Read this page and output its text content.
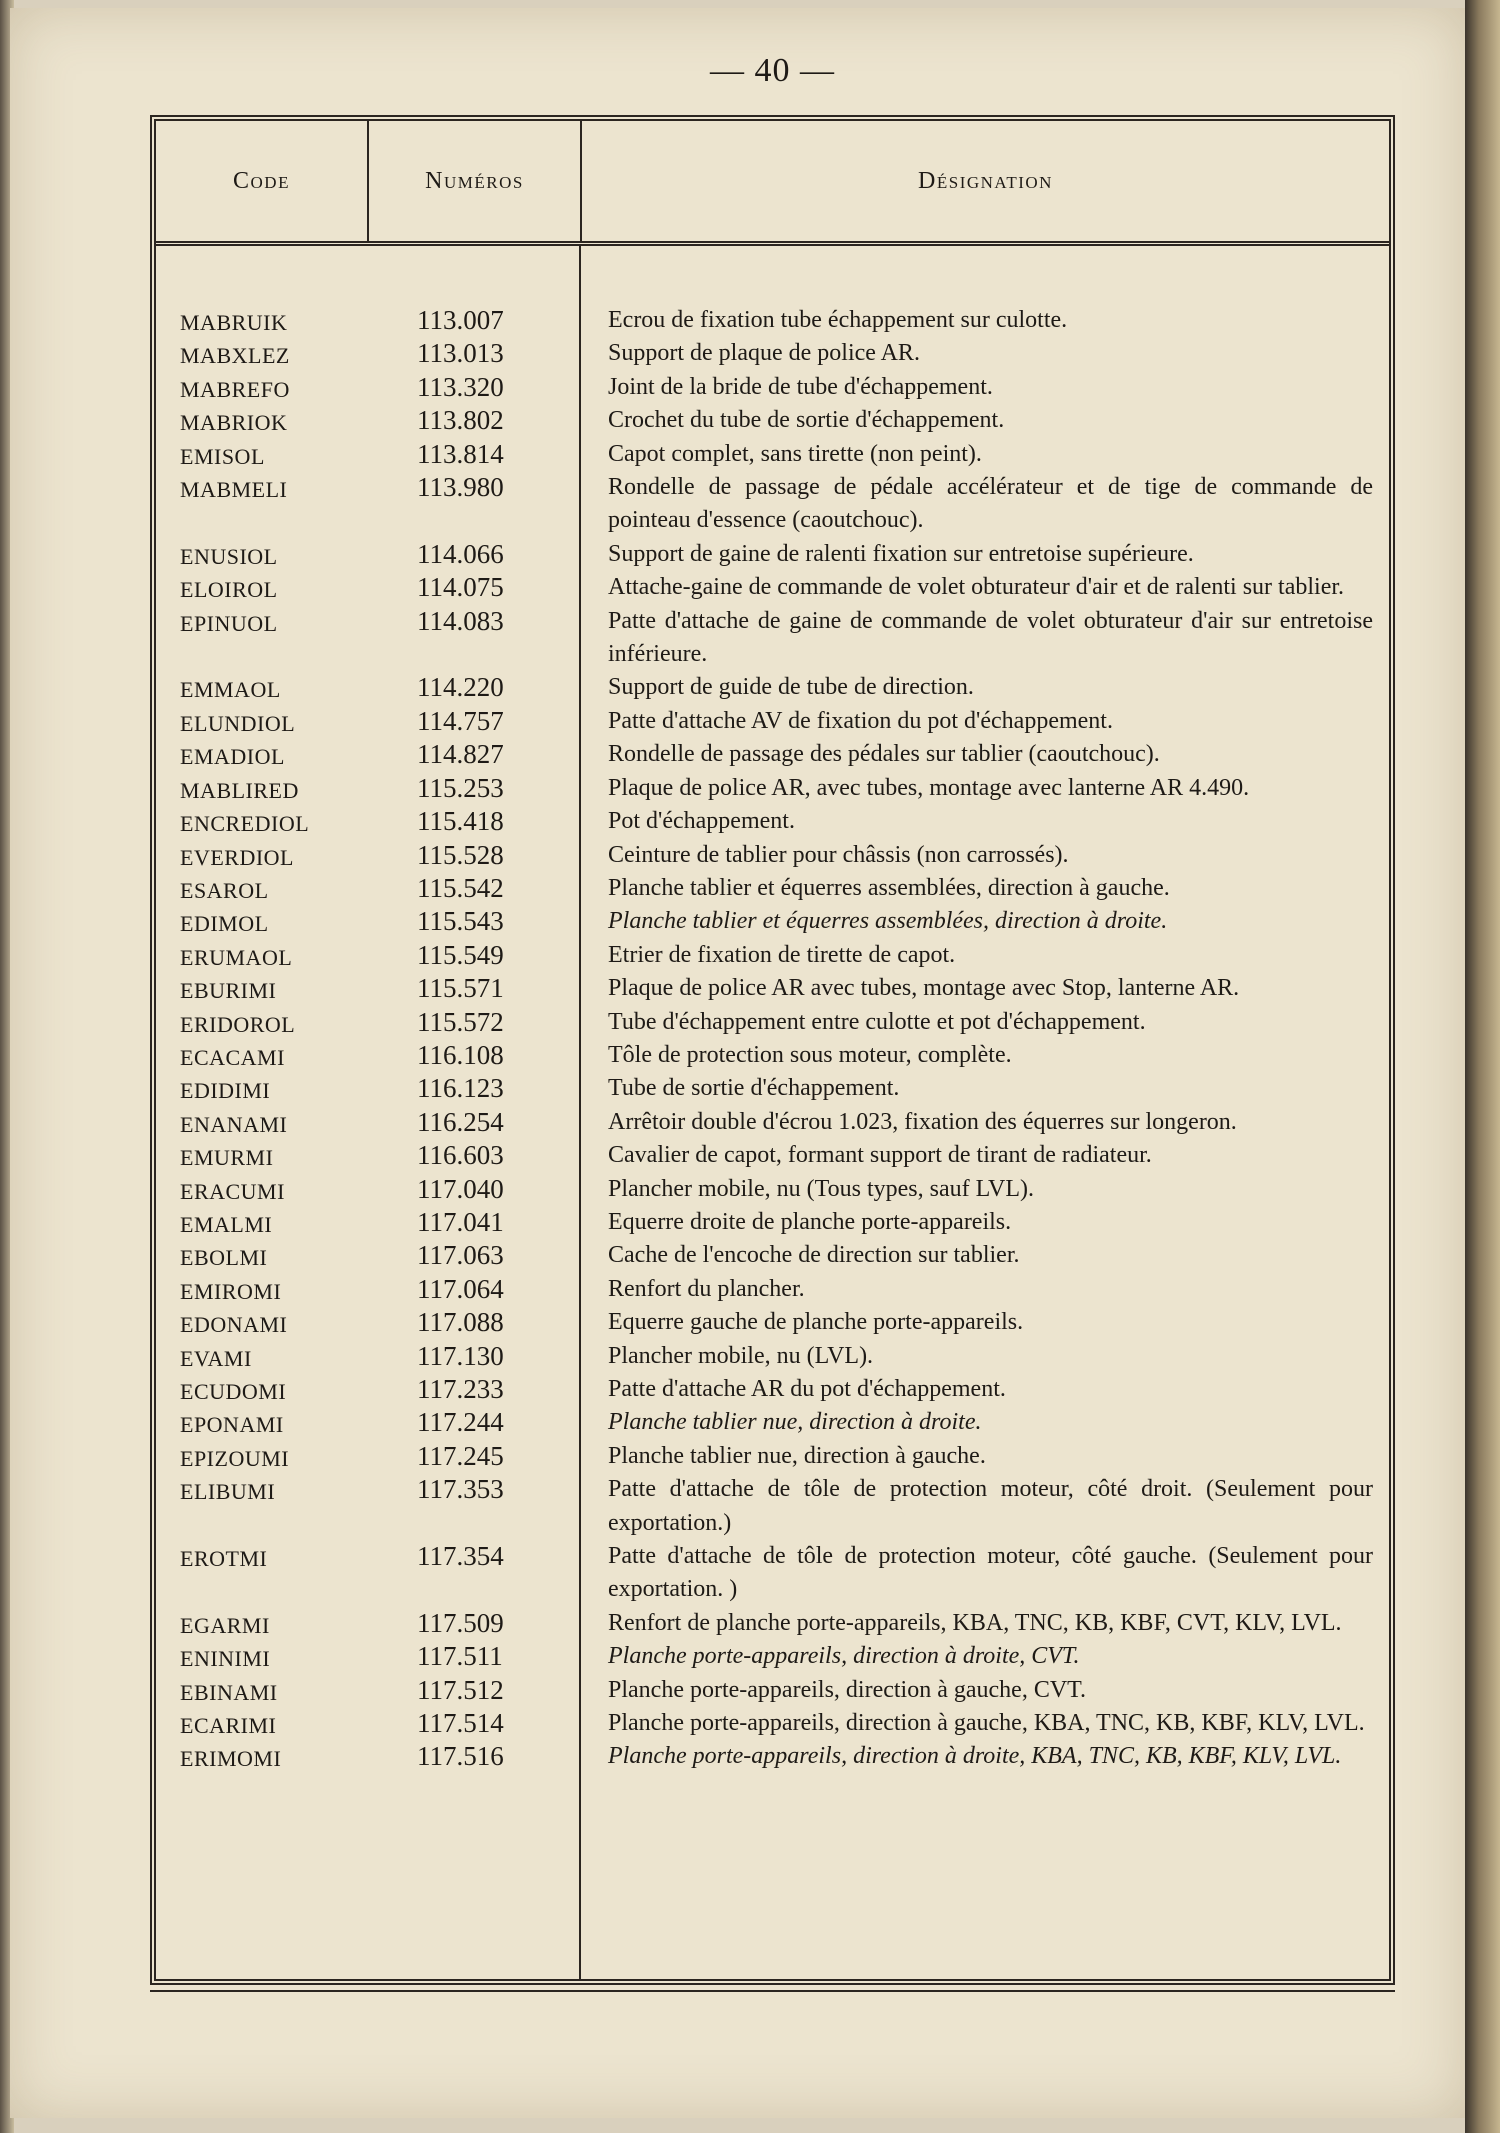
— 40 —
Code	Numéros	Désignation
MABRUIK	113.007	Ecrou de fixation tube échappement sur culotte.
MABXLEZ	113.013	Support de plaque de police AR.
MABREFO	113.320	Joint de la bride de tube d'échappement.
MABRIOK	113.802	Crochet du tube de sortie d'échappement.
EMISOL	113.814	Capot complet, sans tirette (non peint).
MABMELI	113.980	Rondelle de passage de pédale accélérateur et de tige de commande de pointeau d'essence (caoutchouc).
ENUSIOL	114.066	Support de gaine de ralenti fixation sur entretoise supérieure.
ELOIROL	114.075	Attache-gaine de commande de volet obturateur d'air et de ralenti sur tablier.
EPINUOL	114.083	Patte d'attache de gaine de commande de volet obturateur d'air sur entretoise inférieure.
EMMAOL	114.220	Support de guide de tube de direction.
ELUNDIOL	114.757	Patte d'attache AV de fixation du pot d'échappement.
EMADIOL	114.827	Rondelle de passage des pédales sur tablier (caoutchouc).
MABLIRED	115.253	Plaque de police AR, avec tubes, montage avec lanterne AR 4.490.
ENCREDIOL	115.418	Pot d'échappement.
EVERDIOL	115.528	Ceinture de tablier pour châssis (non carrossés).
ESAROL	115.542	Planche tablier et équerres assemblées, direction à gauche.
EDIMOL	115.543	Planche tablier et équerres assemblées, direction à droite.
ERUMAOL	115.549	Etrier de fixation de tirette de capot.
EBURIMI	115.571	Plaque de police AR avec tubes, montage avec Stop, lanterne AR.
ERIDOROL	115.572	Tube d'échappement entre culotte et pot d'échappement.
ECACAMI	116.108	Tôle de protection sous moteur, complète.
EDIDIMI	116.123	Tube de sortie d'échappement.
ENANAMI	116.254	Arrêtoir double d'écrou 1.023, fixation des équerres sur longeron.
EMURMI	116.603	Cavalier de capot, formant support de tirant de radiateur.
ERACUMI	117.040	Plancher mobile, nu (Tous types, sauf LVL).
EMALMI	117.041	Equerre droite de planche porte-appareils.
EBOLMI	117.063	Cache de l'encoche de direction sur tablier.
EMIROMI	117.064	Renfort du plancher.
EDONAMI	117.088	Equerre gauche de planche porte-appareils.
EVAMI	117.130	Plancher mobile, nu (LVL).
ECUDOMI	117.233	Patte d'attache AR du pot d'échappement.
EPONAMI	117.244	Planche tablier nue, direction à droite.
EPIZOUMI	117.245	Planche tablier nue, direction à gauche.
ELIBUMI	117.353	Patte d'attache de tôle de protection moteur, côté droit. (Seulement pour exportation.)
EROTMI	117.354	Patte d'attache de tôle de protection moteur, côté gauche. (Seulement pour exportation. )
EGARMI	117.509	Renfort de planche porte-appareils, KBA, TNC, KB, KBF, CVT, KLV, LVL.
ENINIMI	117.511	Planche porte-appareils, direction à droite, CVT.
EBINAMI	117.512	Planche porte-appareils, direction à gauche, CVT.
ECARIMI	117.514	Planche porte-appareils, direction à gauche, KBA, TNC, KB, KBF, KLV, LVL.
ERIMOMI	117.516	Planche porte-appareils, direction à droite, KBA, TNC, KB, KBF, KLV, LVL.
